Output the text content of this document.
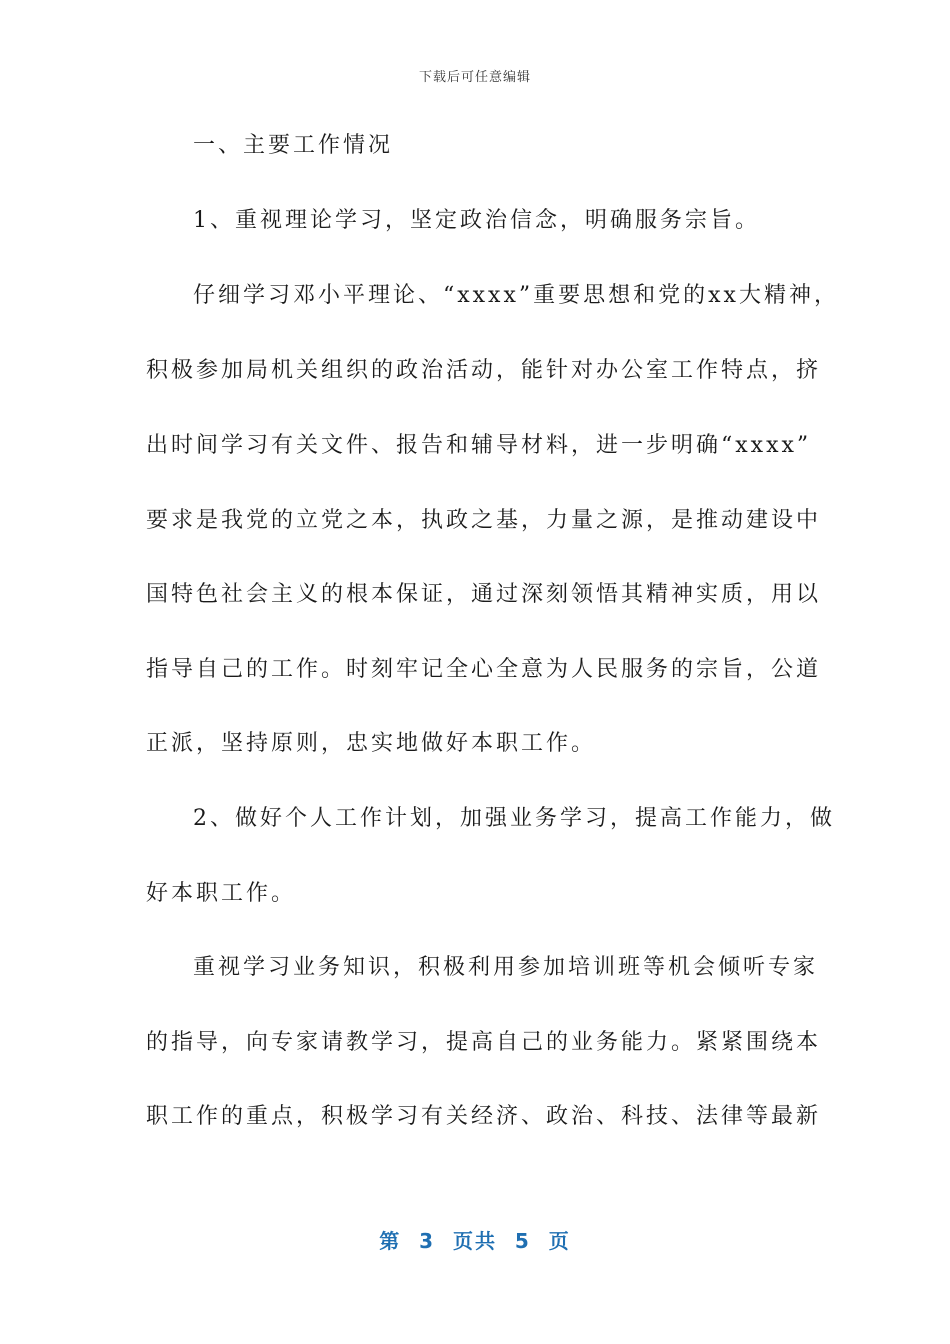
下载后可任意编辑
一、主要工作情况
1、重视理论学习，坚定政治信念，明确服务宗旨。
仔细学习邓小平理论、“xxxx”重要思想和党的xx大精神，
积极参加局机关组织的政治活动，能针对办公室工作特点，挤
出时间学习有关文件、报告和辅导材料，进一步明确“xxxx”
要求是我党的立党之本，执政之基，力量之源，是推动建设中
国特色社会主义的根本保证，通过深刻领悟其精神实质，用以
指导自己的工作。时刻牢记全心全意为人民服务的宗旨，公道
正派，坚持原则，忠实地做好本职工作。
2、做好个人工作计划，加强业务学习，提高工作能力，做
好本职工作。
重视学习业务知识，积极利用参加培训班等机会倾听专家
的指导，向专家请教学习，提高自己的业务能力。紧紧围绕本
职工作的重点，积极学习有关经济、政治、科技、法律等最新
第  3  页共  5  页
